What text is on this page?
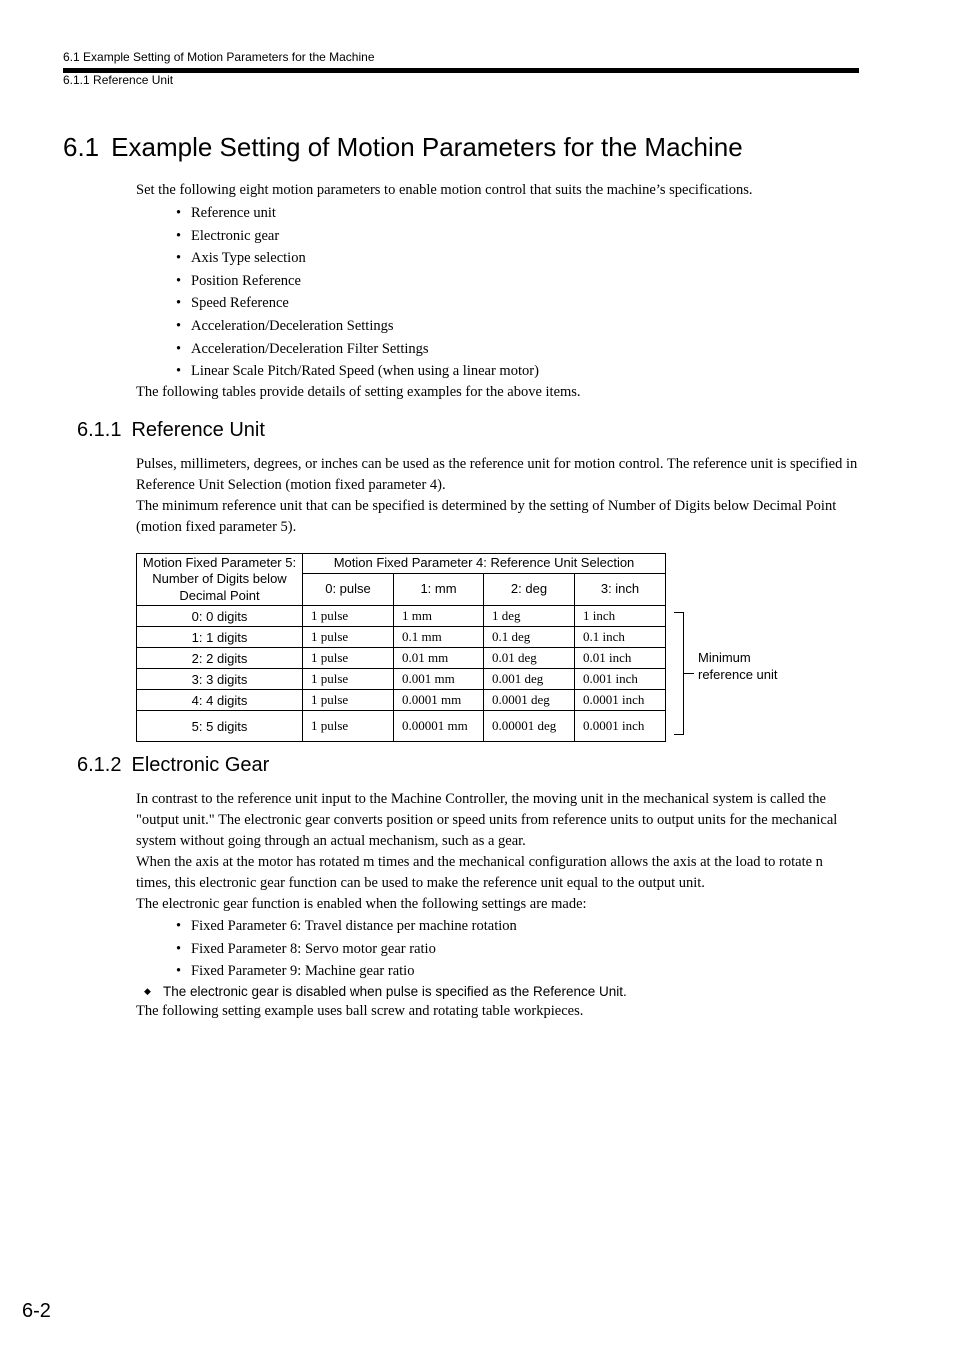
6.1 Example Setting of Motion Parameters for the Machine
6.1.1 Reference Unit
6.1 Example Setting of Motion Parameters for the Machine

Set the following eight motion parameters to enable motion control that suits the machine’s specifications.

• Reference unit
• Electronic gear
• Axis Type selection
• Position Reference
• Speed Reference
• Acceleration/Deceleration Settings
• Acceleration/Deceleration Filter Settings
• Linear Scale Pitch/Rated Speed (when using a linear motor)

The following tables provide details of setting examples for the above items.

6.1.1 Reference Unit

Pulses, millimeters, degrees, or inches can be used as the reference unit for motion control. The reference unit is specified in Reference Unit Selection (motion fixed parameter 4).

The minimum reference unit that can be specified is determined by the setting of Number of Digits below Decimal Point (motion fixed parameter 5).

Motion Fixed Parameter 5: Number of Digits below Decimal Point	Motion Fixed Parameter 4: Reference Unit Selection			
	0: pulse	1: mm	2: deg	3: inch
0: 0 digits	1 pulse	1 mm	1 deg	1 inch
1: 1 digits	1 pulse	0.1 mm	0.1 deg	0.1 inch
2: 2 digits	1 pulse	0.01 mm	0.01 deg	0.01 inch
3: 3 digits	1 pulse	0.001 mm	0.001 deg	0.001 inch
4: 4 digits	1 pulse	0.0001 mm	0.0001 deg	0.0001 inch
5: 5 digits	1 pulse	0.00001 mm	0.00001 deg	0.0001 inch
Minimum reference unit
6.1.2 Electronic Gear

In contrast to the reference unit input to the Machine Controller, the moving unit in the mechanical system is called the "output unit." The electronic gear converts position or speed units from reference units to output units for the mechanical system without going through an actual mechanism, such as a gear.

When the axis at the motor has rotated m times and the mechanical configuration allows the axis at the load to rotate n times, this electronic gear function can be used to make the reference unit equal to the output unit.

The electronic gear function is enabled when the following settings are made:

• Fixed Parameter 6: Travel distance per machine rotation
• Fixed Parameter 8: Servo motor gear ratio
• Fixed Parameter 9: Machine gear ratio
◆ The electronic gear is disabled when pulse is specified as the Reference Unit.

The following setting example uses ball screw and rotating table workpieces.

6-2
